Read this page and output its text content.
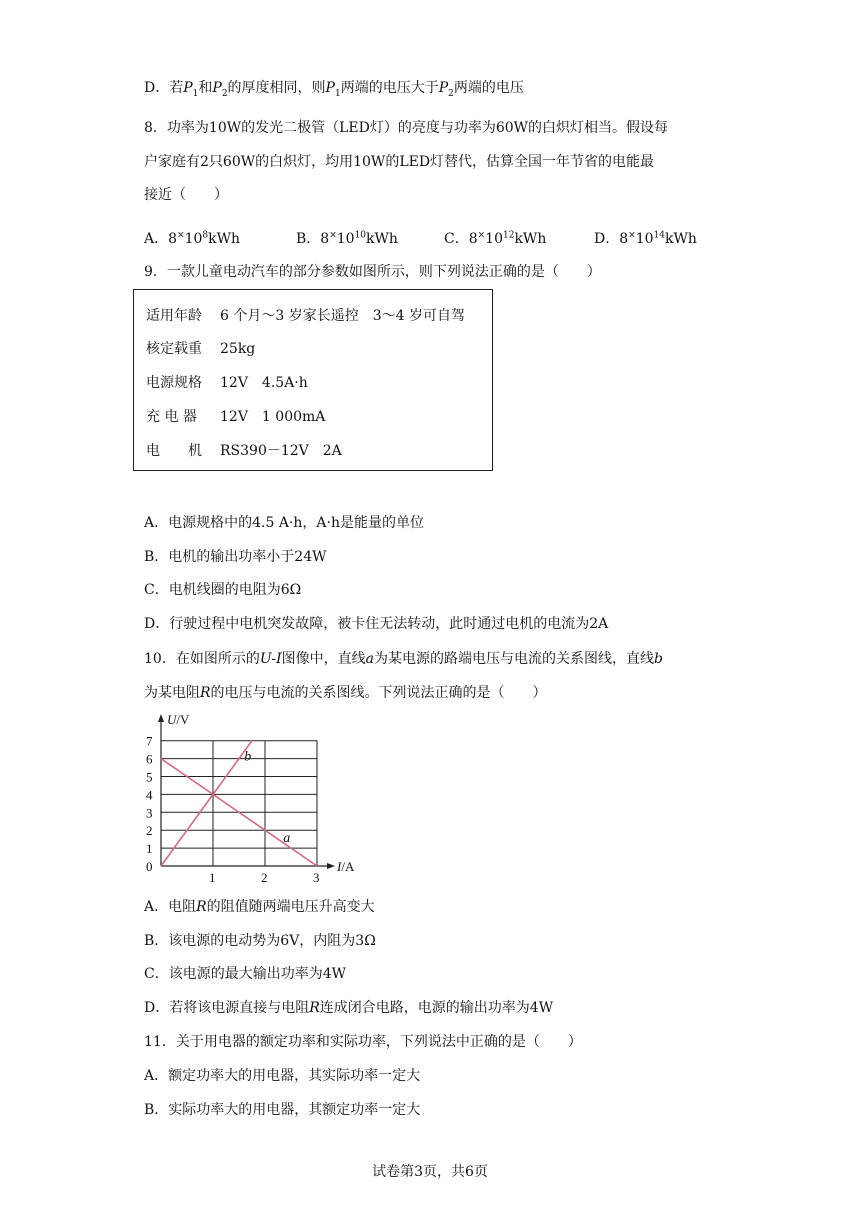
D．若$P_1$和$P_2$的厚度相同，则$P_1$两端的电压大于$P_2$两端的电压
8．功率为10W的发光二极管（LED灯）的亮度与功率为60W的白炽灯相当。假设每
户家庭有2只60W的白炽灯，均用10W的LED灯替代，估算全国一年节省的电能最
接近（　　）
A．$8^\times 10^8kWh$	B．$8^\times 10^{10}kWh$	C．$8^\times 10^{12}kWh$	D．$8^\times 10^{14}kWh$
9．一款儿童电动汽车的部分参数如图所示，则下列说法正确的是（　　）
适用年龄 6 个月～3 岁家长遥控　3～4 岁可自驾
核定载重 25kg
电源规格 12V　4.5A·h
充 电 器 12V　1 000mA
电　　机 RS390－12V　2A
A．电源规格中的4.5 A·h，A·h是能量的单位
B．电机的输出功率小于24W
C．电机线圈的电阻为6Ω
D．行驶过程中电机突发故障，被卡住无法转动，此时通过电机的电流为2A
10．在如图所示的U-I图像中，直线a为某电源的路端电压与电流的关系图线，直线b
为某电阻R的电压与电流的关系图线。下列说法正确的是（　　）
b
a
1
2
3
4
5
6
7
0
1	2	3
U/V
I/A
A．电阻R的阻值随两端电压升高变大
B．该电源的电动势为6V，内阻为3Ω
C．该电源的最大输出功率为4W
D．若将该电源直接与电阻R连成闭合电路，电源的输出功率为4W
11．关于用电器的额定功率和实际功率，下列说法中正确的是（　　）
A．额定功率大的用电器，其实际功率一定大
B．实际功率大的用电器，其额定功率一定大
试卷第3页，共6页
